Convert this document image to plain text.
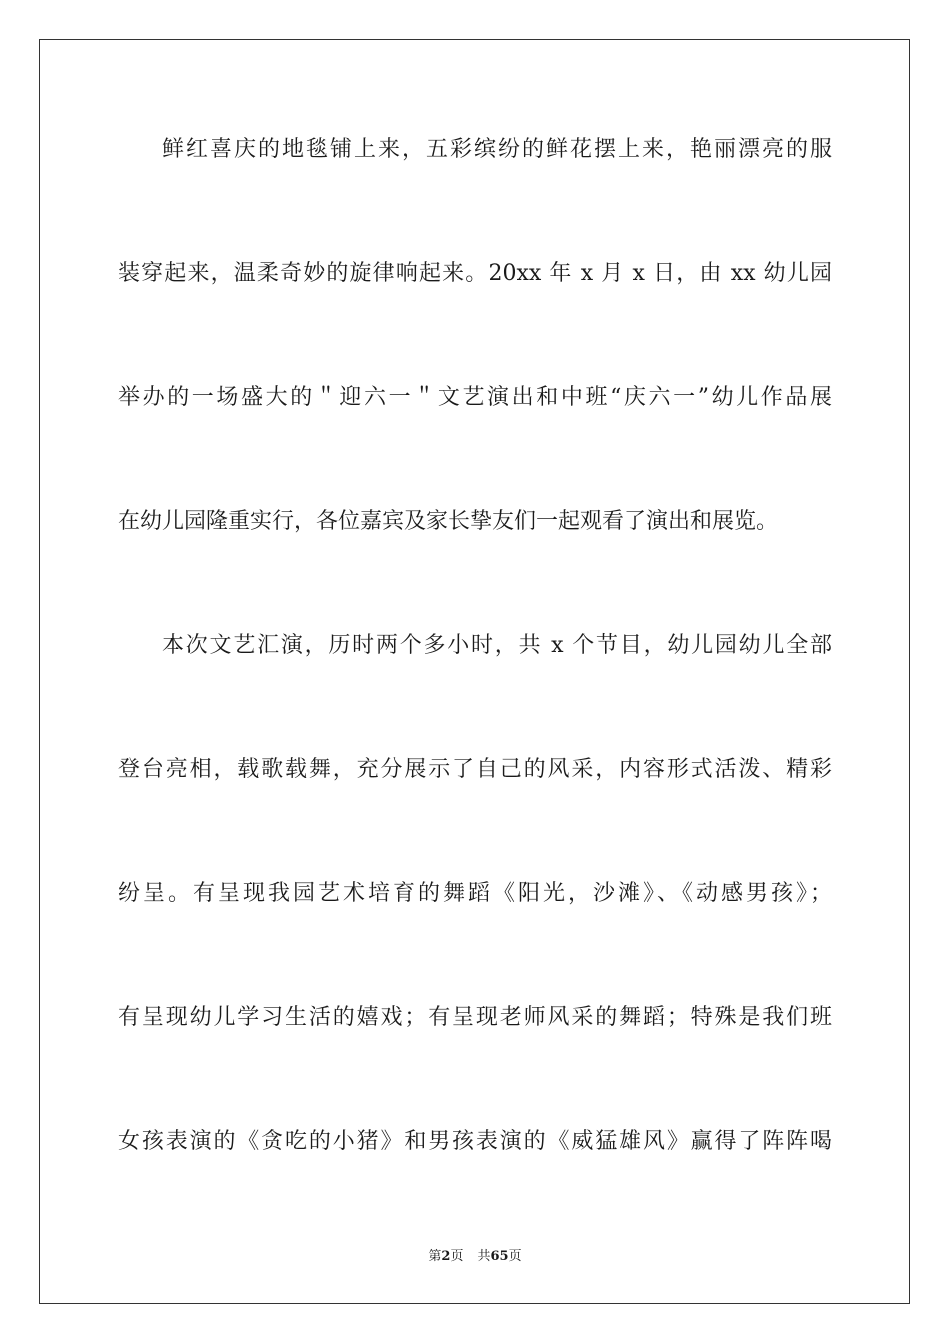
鲜红喜庆的地毯铺上来，五彩缤纷的鲜花摆上来，艳丽漂亮的服
装穿起来，温柔奇妙的旋律响起来。20xx 年 x 月 x 日，由 xx 幼儿园
举办的一场盛大的＂迎六一＂文艺演出和中班“庆六一”幼儿作品展
在幼儿园隆重实行，各位嘉宾及家长挚友们一起观看了演出和展览。
本次文艺汇演，历时两个多小时，共 x 个节目，幼儿园幼儿全部
登台亮相，载歌载舞，充分展示了自己的风采，内容形式活泼、精彩
纷呈。有呈现我园艺术培育的舞蹈《阳光，沙滩》、《动感男孩》；
有呈现幼儿学习生活的嬉戏；有呈现老师风采的舞蹈；特殊是我们班
女孩表演的《贪吃的小猪》和男孩表演的《威猛雄风》赢得了阵阵喝
第2页 共65页
